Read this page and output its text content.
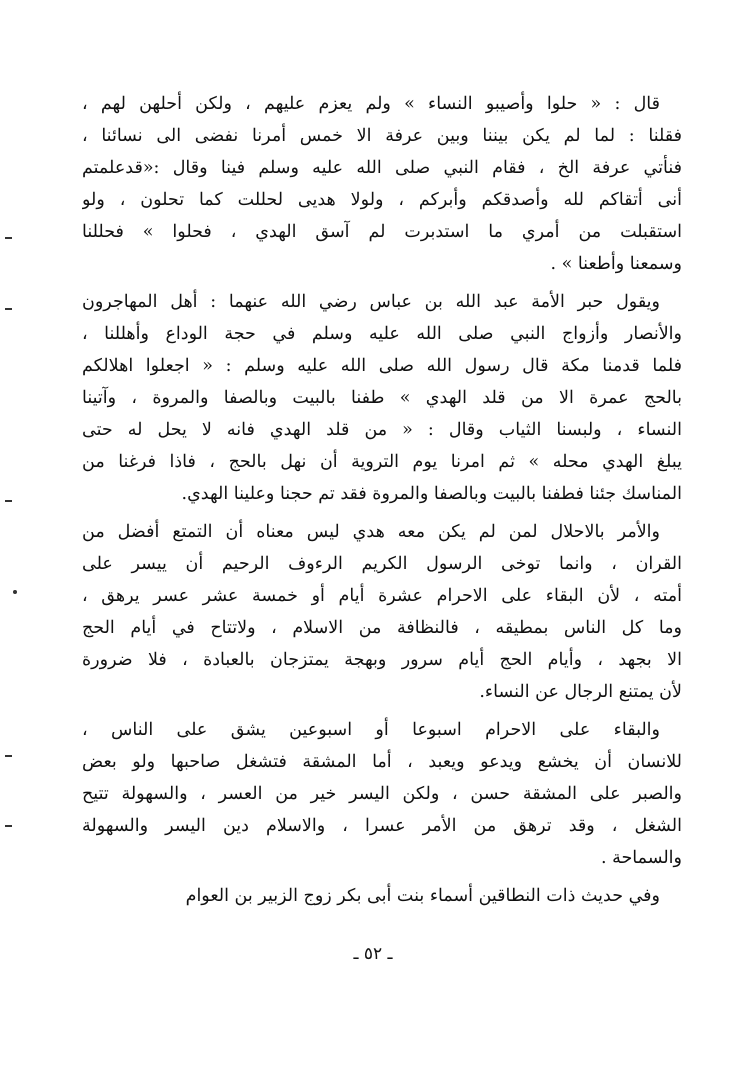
قال : « حلوا وأصيبو النساء » ولم يعزم عليهم ، ولكن أحلهن لهم ،
فقلنا : لما لم يكن بيننا وبين عرفة الا خمس أمرنا نفضى الى نسائنا ،
فنأتي عرفة الخ ، فقام النبي صلى الله عليه وسلم فينا وقال :«قدعلمتم
أنى أتقاكم لله وأصدقكم وأبركم ، ولولا هديى لحللت كما تحلون ، ولو
استقبلت من أمري ما استدبرت لم آسق الهدي ، فحلوا » فحللنا
وسمعنا وأطعنا » .
ويقول حبر الأمة عبد الله بن عباس رضي الله عنهما : أهل المهاجرون
والأنصار وأزواج النبي صلى الله عليه وسلم في حجة الوداع وأهللنا ،
فلما قدمنا مكة قال رسول الله صلى الله عليه وسلم : « اجعلوا اهلالكم
بالحج عمرة الا من قلد الهدي » طفنا بالبيت وبالصفا والمروة ، وآتينا
النساء ، ولبسنا الثياب وقال : « من قلد الهدي فانه لا يحل له حتى
يبلغ الهدي محله » ثم امرنا يوم التروية أن نهل بالحج ، فاذا فرغنا من
المناسك جئنا فطفنا بالبيت وبالصفا والمروة فقد تم حجنا وعلينا الهدي.
والأمر بالاحلال لمن لم يكن معه هدي ليس معناه أن التمتع أفضل من
القران ، وانما توخى الرسول الكريم الرءوف الرحيم أن ييسر على
أمته ، لأن البقاء على الاحرام عشرة أيام أو خمسة عشر عسر يرهق ،
وما كل الناس بمطيقه ، فالنظافة من الاسلام ، ولاتتاح في أيام الحج
الا بجهد ، وأيام الحج أيام سرور وبهجة يمتزجان بالعبادة ، فلا ضرورة
لأن يمتنع الرجال عن النساء.
والبقاء على الاحرام اسبوعا أو اسبوعين يشق على الناس ،
للانسان أن يخشع ويدعو ويعبد ، أما المشقة فتشغل صاحبها ولو بعض
والصبر على المشقة حسن ، ولكن اليسر خير من العسر ، والسهولة تتيح
الشغل ، وقد ترهق من الأمر عسرا ، والاسلام دين اليسر والسهولة
والسماحة .
وفي حديث ذات النطاقين أسماء بنت أبى بكر زوج الزبير بن العوام
ـ ٥٢ ـ
